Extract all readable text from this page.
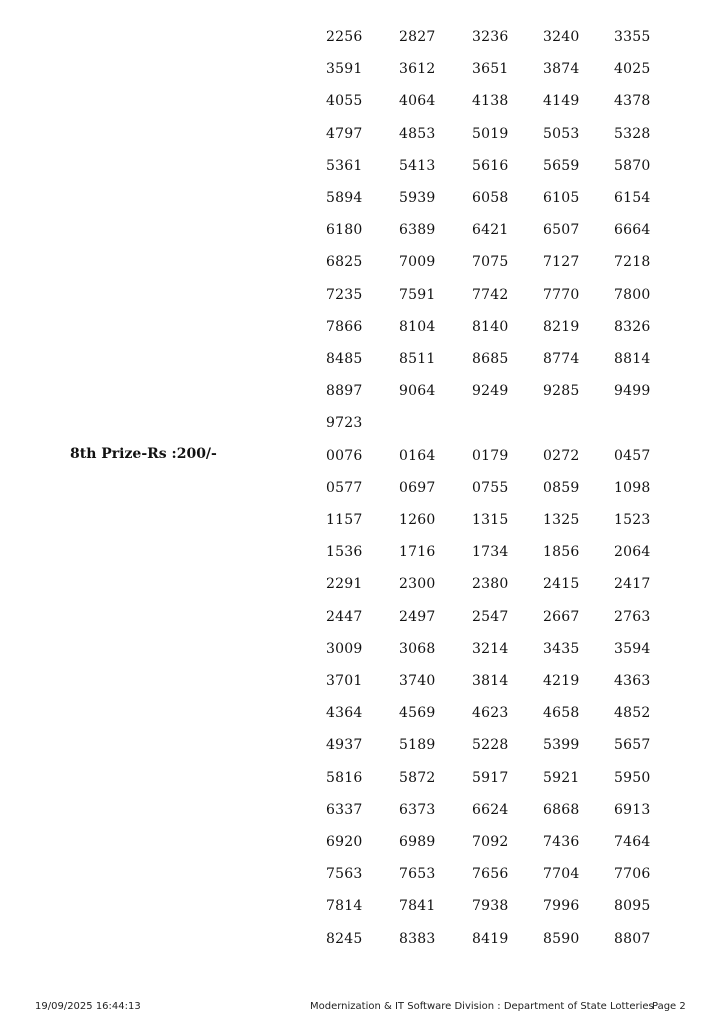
8th Prize-Rs :200/-
2256	2827	3236 3240 3355
3591	3612	3651 3874 4025
4055	4064	4138 4149 4378
4797	4853	5019 5053 5328
5361	5413	5616 5659 5870
5894	5939	6058 6105 6154
6180	6389	6421 6507 6664
6825	7009	7075 7127 7218
7235	7591	7742 7770 7800
7866	8104	8140 8219 8326
8485	8511	8685 8774 8814
8897	9064	9249 9285 9499
9723
0076	0164	0179 0272 0457
0577	0697	0755 0859 1098
1157	1260	1315 1325 1523
1536	1716	1734 1856 2064
2291	2300	2380 2415 2417
2447	2497	2547 2667 2763
3009	3068	3214 3435 3594
3701	3740	3814 4219 4363
4364	4569	4623 4658 4852
4937	5189	5228 5399 5657
5816	5872	5917 5921 5950
6337	6373	6624 6868 6913
6920	6989	7092 7436 7464
7563	7653	7656 7704 7706
7814	7841	7938 7996 8095
8245	8383	8419 8590 8807
19/09/2025 16:44:13	Modernization & IT Software Division : Department of State Lotteries
Page 2
